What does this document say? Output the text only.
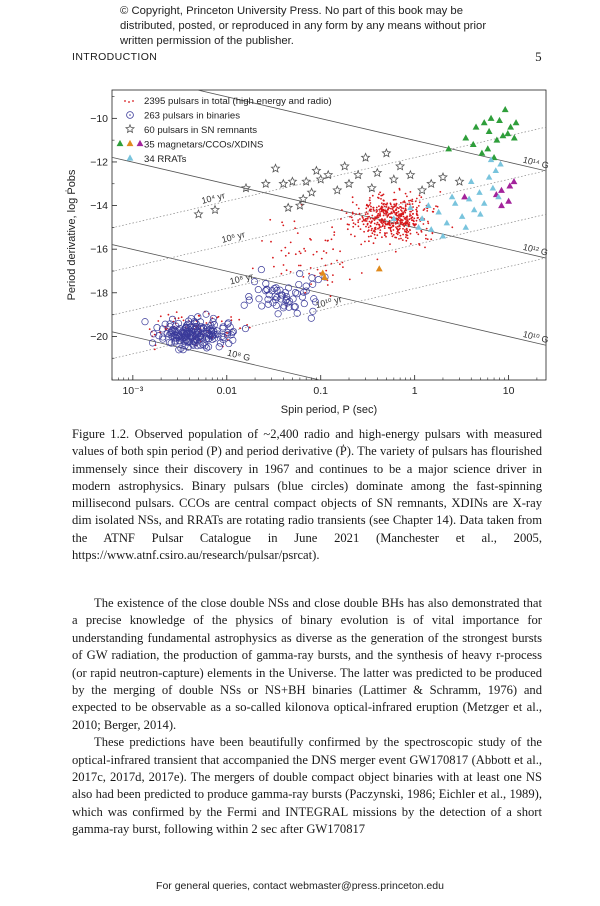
© Copyright, Princeton University Press. No part of this book may be distributed, posted, or reproduced in any form by any means without prior written permission of the publisher.
INTRODUCTION	5
10¹⁴ G
10¹² G
10¹⁰ G
10⁸ G
10⁴ yr
10⁶ yr
10⁸ yr
10¹⁰ yr
10⁻³	0.01	0.1	1	10
−10
−12
−14
−16
−18
−20
Spin period, P (sec)
Period derivative, log Ṗobs
2395 pulsars in total (high energy and radio)
263 pulsars in binaries
60 pulsars in SN remnants
35 magnetars/CCOs/XDINS
34 RRATs

Figure 1.2. Observed population of ~2,400 radio and high-energy pulsars with measured values of both spin period (P) and period derivative (Ṗ). The variety of pulsars has flourished immensely since their discovery in 1967 and continues to be a major science driver in modern astrophysics. Binary pulsars (blue circles) dominate among the fast-spinning millisecond pulsars. CCOs are central compact objects of SN remnants, XDINs are X-ray dim isolated NSs, and RRATs are rotating radio transients (see Chapter 14). Data taken from the ATNF Pulsar Catalogue in June 2021 (Manchester et al., 2005, https://www.atnf.csiro.au/research/pulsar/psrcat).

The existence of the close double NSs and close double BHs has also demonstrated that a precise knowledge of the physics of binary evolution is of vital importance for understanding fundamental astrophysics as diverse as the generation of the strongest bursts of GW radiation, the production of gamma-ray bursts, and the synthesis of heavy r-process (or rapid neutron-capture) elements in the Universe. The latter was predicted to be produced by the merging of double NSs or NS+BH binaries (Lattimer & Schramm, 1976) and expected to be observable as a so-called kilonova optical-infrared eruption (Metzger et al., 2010; Berger, 2014).

These predictions have been beautifully confirmed by the spectroscopic study of the optical-infrared transient that accompanied the DNS merger event GW170817 (Abbott et al., 2017c, 2017d, 2017e). The mergers of double compact object binaries with at least one NS also had been predicted to produce gamma-ray bursts (Paczynski, 1986; Eichler et al., 1989), which was confirmed by the Fermi and INTEGRAL missions by the detection of a short gamma-ray burst, following within 2 sec after GW170817

For general queries, contact webmaster@press.princeton.edu
